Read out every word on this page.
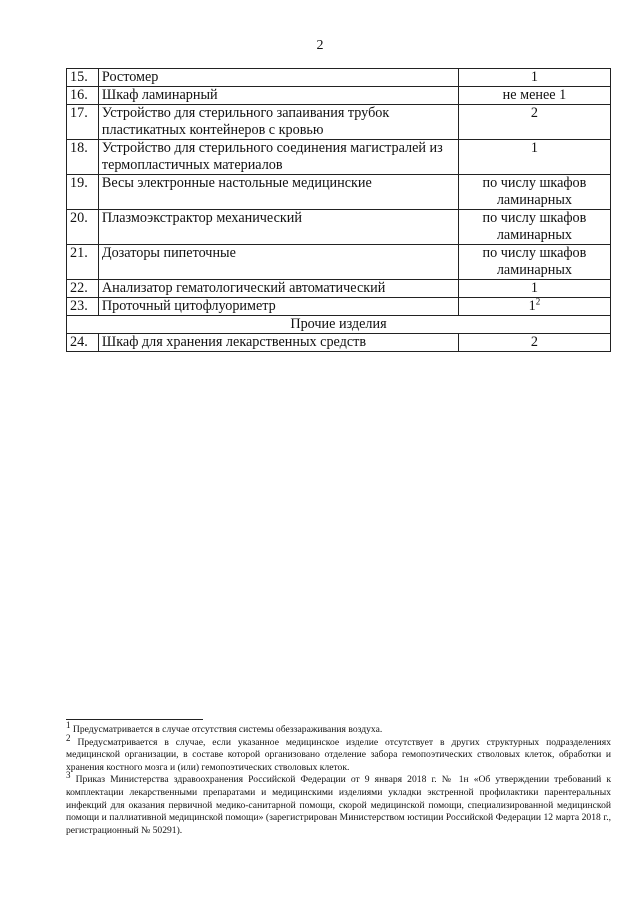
2
15.	Ростомер	1
16.	Шкаф ламинарный	не менее 1
17.	Устройство для стерильного запаивания трубок пластикатных контейнеров с кровью	2
18.	Устройство для стерильного соединения магистралей из термопластичных материалов	1
19.	Весы электронные настольные медицинские	по числу шкафов ламинарных
20.	Плазмоэкстрактор механический	по числу шкафов ламинарных
21.	Дозаторы пипеточные	по числу шкафов ламинарных
22.	Анализатор гематологический автоматический	1
23.	Проточный цитофлуориметр	$1^2$
Прочие изделия		
24.	Шкаф для хранения лекарственных средств	2

$^1$ Предусматривается в случае отсутствия системы обеззараживания воздуха.

$^2$ Предусматривается в случае, если указанное медицинское изделие отсутствует в других структурных подразделениях медицинской организации, в составе которой организовано отделение забора гемопоэтических стволовых клеток, обработки и хранения костного мозга и (или) гемопоэтических стволовых клеток.

$^3$ Приказ Министерства здравоохранения Российской Федерации от 9 января 2018 г. № 1н «Об утверждении требований к комплектации лекарственными препаратами и медицинскими изделиями укладки экстренной профилактики парентеральных инфекций для оказания первичной медико-санитарной помощи, скорой медицинской помощи, специализированной медицинской помощи и паллиативной медицинской помощи» (зарегистрирован Министерством юстиции Российской Федерации 12 марта 2018 г., регистрационный № 50291).
